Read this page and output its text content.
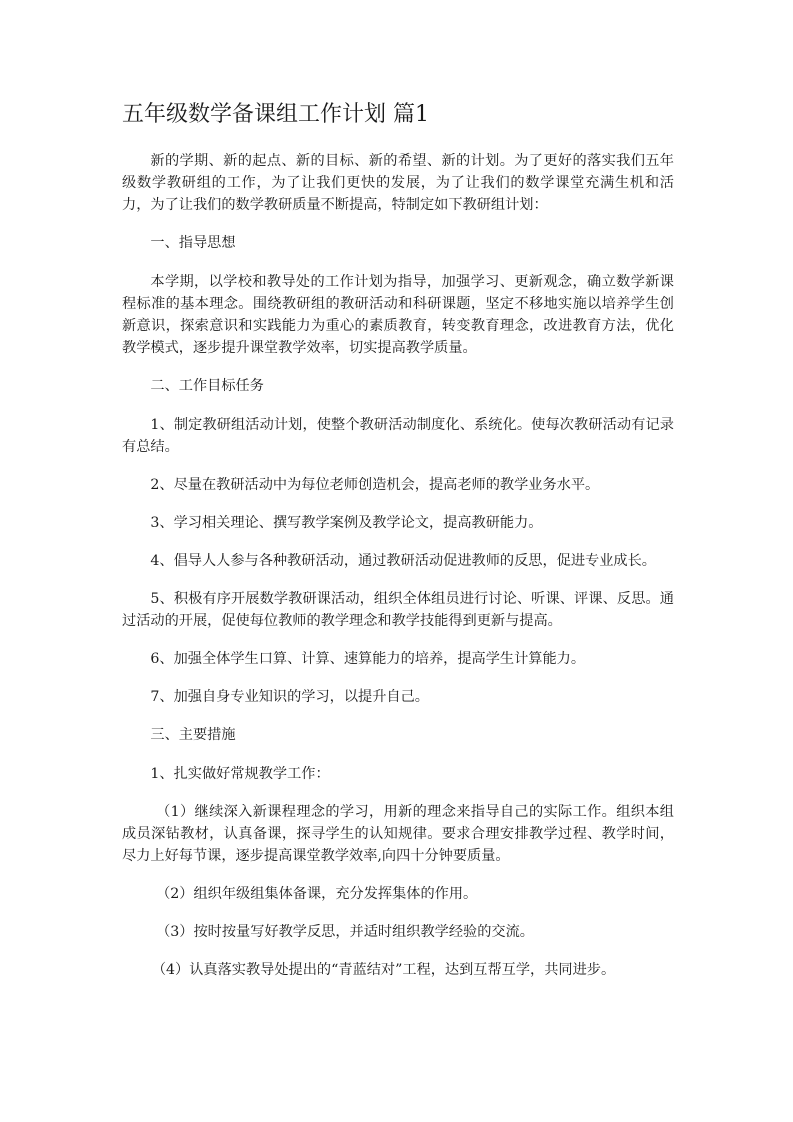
五年级数学备课组工作计划 篇1

新的学期、新的起点、新的目标、新的希望、新的计划。为了更好的落实我们五年级数学教研组的工作，为了让我们更快的发展，为了让我们的数学课堂充满生机和活力，为了让我们的数学教研质量不断提高，特制定如下教研组计划：

一、指导思想

本学期，以学校和教导处的工作计划为指导，加强学习、更新观念，确立数学新课程标准的基本理念。围绕教研组的教研活动和科研课题，坚定不移地实施以培养学生创新意识，探索意识和实践能力为重心的素质教育，转变教育理念，改进教育方法，优化教学模式，逐步提升课堂教学效率，切实提高教学质量。

二、工作目标任务

1、制定教研组活动计划，使整个教研活动制度化、系统化。使每次教研活动有记录有总结。

2、尽量在教研活动中为每位老师创造机会，提高老师的教学业务水平。

3、学习相关理论、撰写教学案例及教学论文，提高教研能力。

4、倡导人人参与各种教研活动，通过教研活动促进教师的反思，促进专业成长。

5、积极有序开展数学教研课活动，组织全体组员进行讨论、听课、评课、反思。通过活动的开展，促使每位教师的教学理念和教学技能得到更新与提高。

6、加强全体学生口算、计算、速算能力的培养，提高学生计算能力。

7、加强自身专业知识的学习，以提升自己。

三、主要措施

1、扎实做好常规教学工作：

（1）继续深入新课程理念的学习，用新的理念来指导自己的实际工作。组织本组成员深钻教材，认真备课，探寻学生的认知规律。要求合理安排教学过程、教学时间，尽力上好每节课，逐步提高课堂教学效率,向四十分钟要质量。

（2）组织年级组集体备课，充分发挥集体的作用。

（3）按时按量写好教学反思，并适时组织教学经验的交流。

（4）认真落实教导处提出的“青蓝结对”工程，达到互帮互学，共同进步。
